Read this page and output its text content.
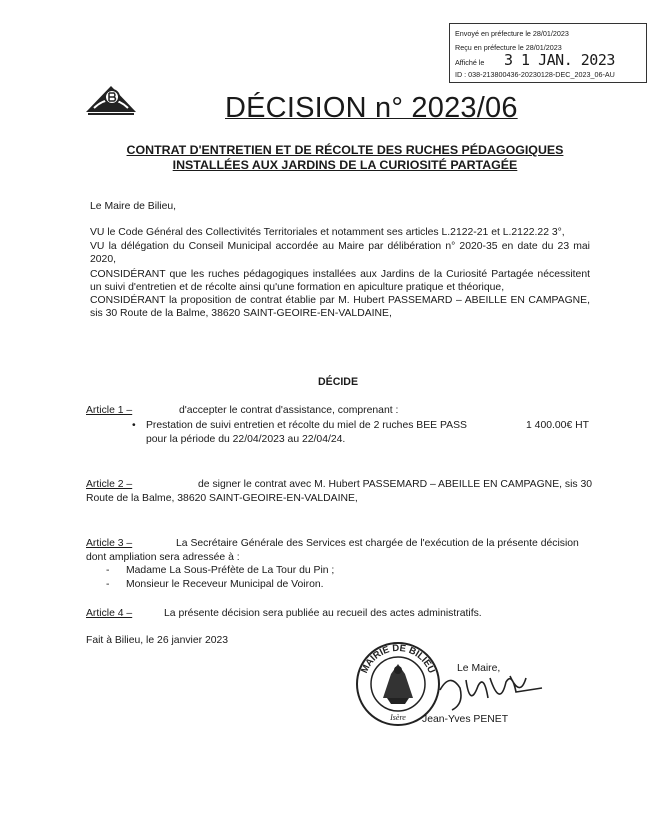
Envoyé en préfecture le 28/01/2023
Reçu en préfecture le 28/01/2023
Affiché le 3 1 JAN. 2023
ID : 038-213800436-20230128-DEC_2023_06-AU
DÉCISION n° 2023/06
CONTRAT D'ENTRETIEN ET DE RÉCOLTE DES RUCHES PÉDAGOGIQUES
INSTALLÉES AUX JARDINS DE LA CURIOSITÉ PARTAGÉE
Le Maire de Bilieu,
VU le Code Général des Collectivités Territoriales et notamment ses articles L.2122-21 et L.2122.22 3°,
VU la délégation du Conseil Municipal accordée au Maire par délibération n° 2020-35 en date du 23 mai 2020,
CONSIDÉRANT que les ruches pédagogiques installées aux Jardins de la Curiosité Partagée nécessitent un suivi d'entretien et de récolte ainsi qu'une formation en apiculture pratique et théorique,
CONSIDÉRANT la proposition de contrat établie par M. Hubert PASSEMARD – ABEILLE EN CAMPAGNE, sis 30 Route de la Balme, 38620 SAINT-GEOIRE-EN-VALDAINE,
DÉCIDE
Article 1 –	d'accepter le contrat d'assistance, comprenant :
• Prestation de suivi entretien et récolte du miel de 2 ruches BEE PASS	1 400.00€ HT
pour la période du 22/04/2023 au 22/04/24.
Article 2 –	de signer le contrat avec M. Hubert PASSEMARD – ABEILLE EN CAMPAGNE, sis 30
Route de la Balme, 38620 SAINT-GEOIRE-EN-VALDAINE,
Article 3 –	La Secrétaire Générale des Services est chargée de l'exécution de la présente décision
dont ampliation sera adressée à :
- Madame La Sous-Préfète de La Tour du Pin ;
- Monsieur le Receveur Municipal de Voiron.
Article 4 –	La présente décision sera publiée au recueil des actes administratifs.
Fait à Bilieu, le 26 janvier 2023
MAIRIE DE BILIEU
Isère
Le Maire,
Jean-Yves PENET
